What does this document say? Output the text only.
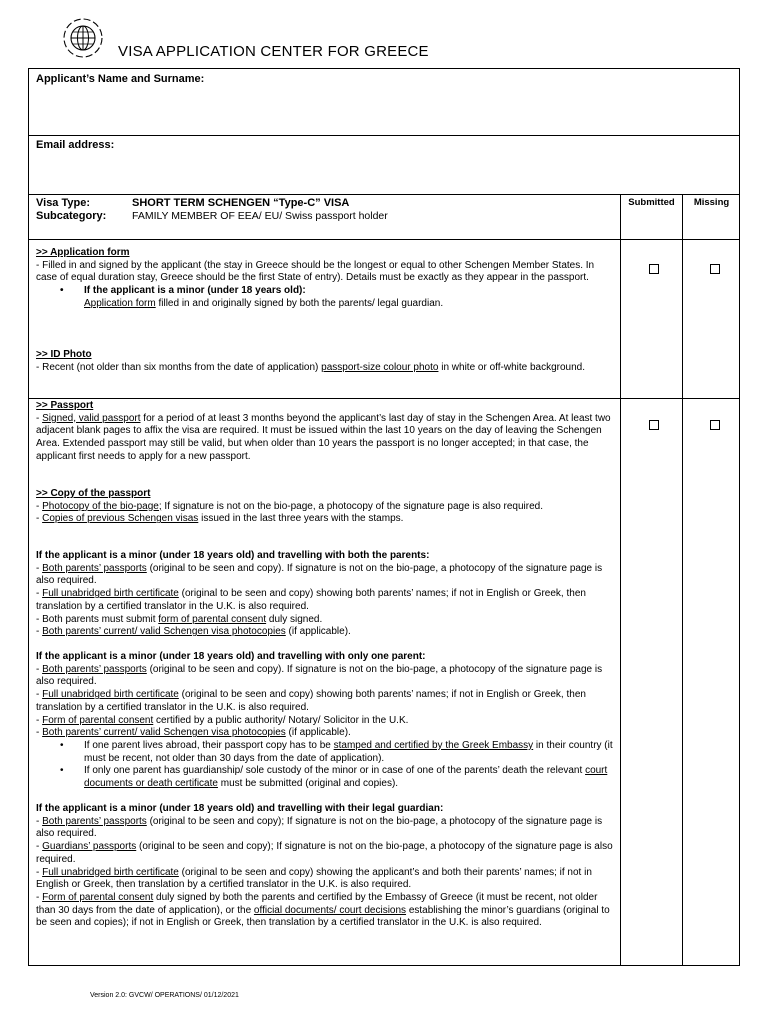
VISA APPLICATION CENTER FOR GREECE
Applicant’s Name and Surname:
Email address:
Visa Type:	SHORT TERM SCHENGEN “Type-C” VISA
Subcategory: FAMILY MEMBER OF EEA/ EU/ Swiss passport holder
Submitted	Missing
>> Application form
- Filled in and signed by the applicant (the stay in Greece should be the longest or equal to other Schengen Member States. In case of equal duration stay, Greece should be the first State of entry). Details must be exactly as they appear in the passport.
• If the applicant is a minor (under 18 years old):
Application form filled in and originally signed by both the parents/ legal guardian.
>> ID Photo
- Recent (not older than six months from the date of application) passport-size colour photo in white or off-white background.
>> Passport
- Signed, valid passport for a period of at least 3 months beyond the applicant’s last day of stay in the Schengen Area. At least two adjacent blank pages to affix the visa are required. It must be issued within the last 10 years on the day of leaving the Schengen Area. Extended passport may still be valid, but when older than 10 years the passport is no longer accepted; in that case, the applicant first needs to apply for a new passport.
>> Copy of the passport
- Photocopy of the bio-page; If signature is not on the bio-page, a photocopy of the signature page is also required.
- Copies of previous Schengen visas issued in the last three years with the stamps.
If the applicant is a minor (under 18 years old) and travelling with both the parents:
- Both parents’ passports (original to be seen and copy). If signature is not on the bio-page, a photocopy of the signature page is also required.
- Full unabridged birth certificate (original to be seen and copy) showing both parents’ names; if not in English or Greek, then translation by a certified translator in the U.K. is also required.
- Both parents must submit form of parental consent duly signed.
- Both parents’ current/ valid Schengen visa photocopies (if applicable).
If the applicant is a minor (under 18 years old) and travelling with only one parent:
- Both parents’ passports (original to be seen and copy). If signature is not on the bio-page, a photocopy of the signature page is also required.
- Full unabridged birth certificate (original to be seen and copy) showing both parents’ names; if not in English or Greek, then translation by a certified translator in the U.K. is also required.
- Form of parental consent certified by a public authority/ Notary/ Solicitor in the U.K.
- Both parents’ current/ valid Schengen visa photocopies (if applicable).
• If one parent lives abroad, their passport copy has to be stamped and certified by the Greek Embassy in their country (it must be recent, not older than 30 days from the date of application).
• If only one parent has guardianship/ sole custody of the minor or in case of one of the parents’ death the relevant court documents or death certificate must be submitted (original and copies).
If the applicant is a minor (under 18 years old) and travelling with their legal guardian:
- Both parents’ passports (original to be seen and copy); If signature is not on the bio-page, a photocopy of the signature page is also required.
- Guardians’ passports (original to be seen and copy); If signature is not on the bio-page, a photocopy of the signature page is also required.
- Full unabridged birth certificate (original to be seen and copy) showing the applicant’s and both their parents’ names; if not in English or Greek, then translation by a certified translator in the U.K. is also required.
- Form of parental consent duly signed by both the parents and certified by the Embassy of Greece (it must be recent, not older than 30 days from the date of application), or the official documents/ court decisions establishing the minor’s guardians (original to be seen and copies); if not in English or Greek, then translation by a certified translator in the U.K. is also required.
Version 2.0: GVCW/ OPERATIONS/ 01/12/2021
